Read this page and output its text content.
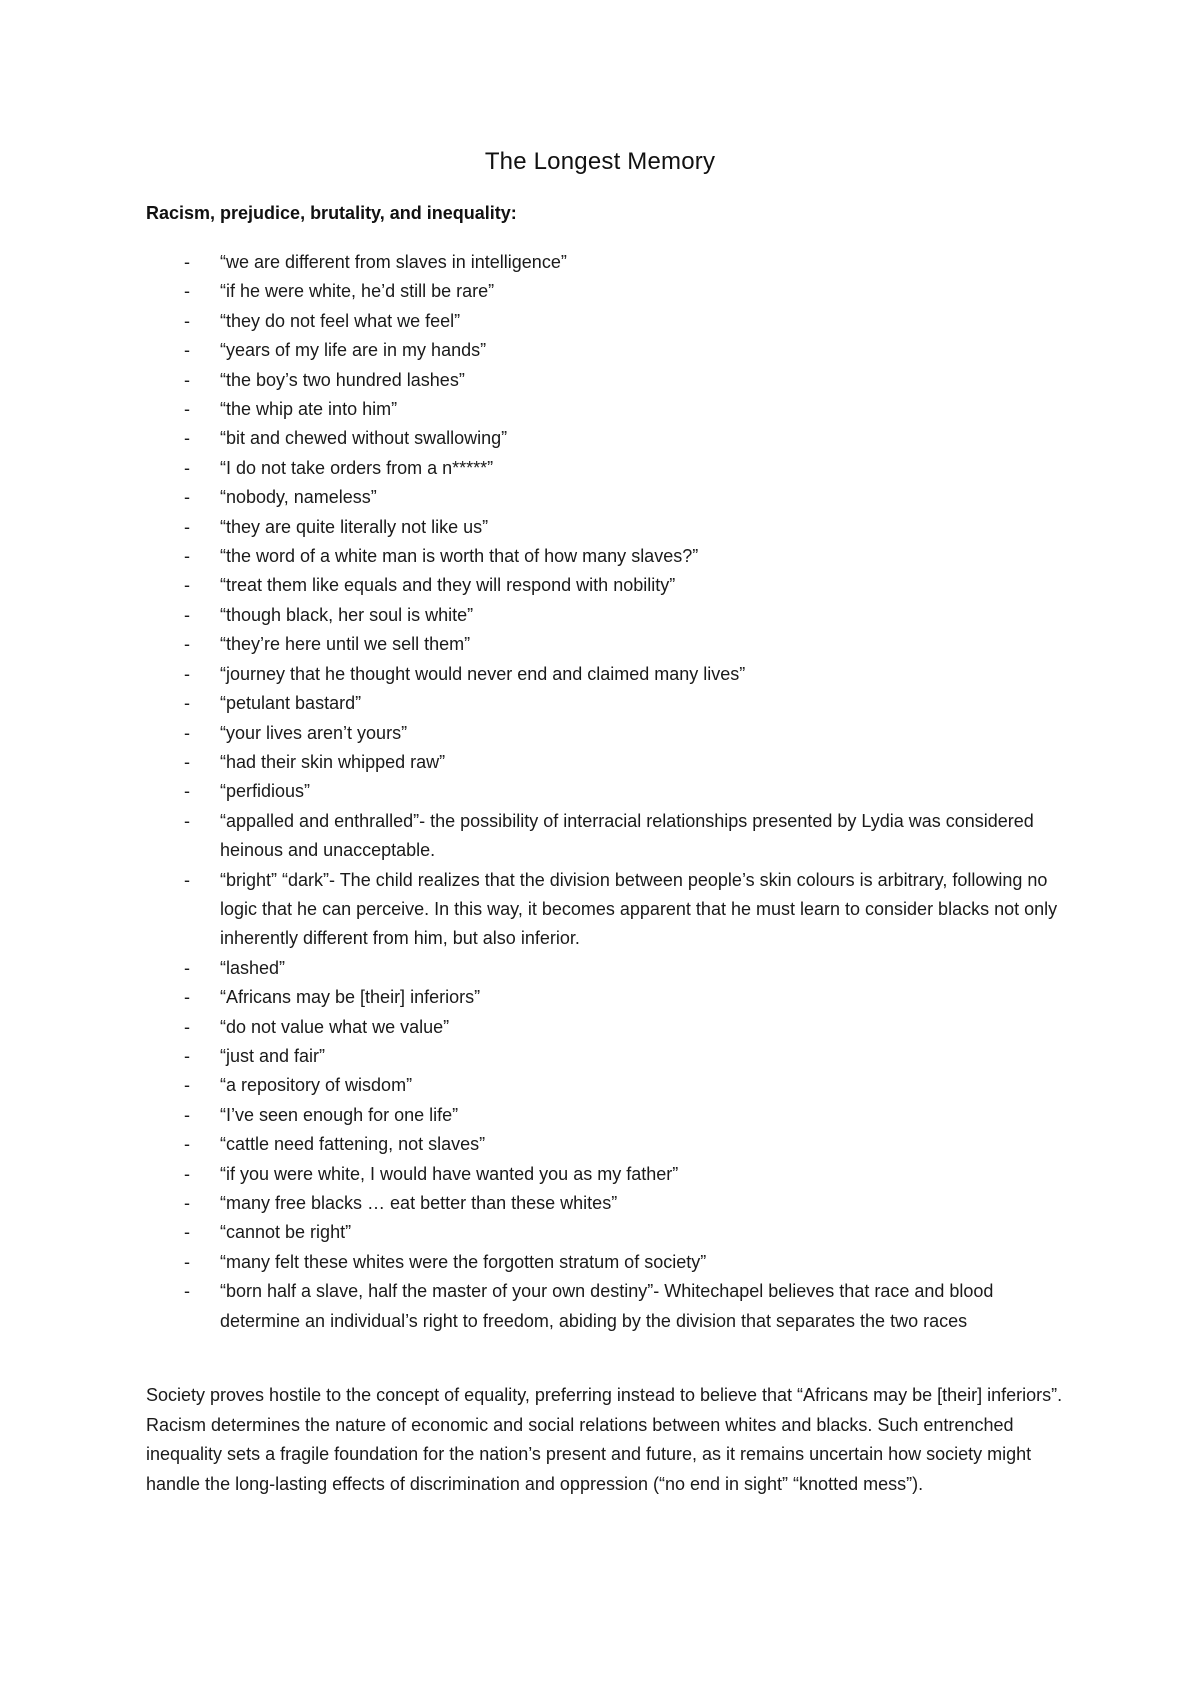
The Longest Memory
Racism, prejudice, brutality, and inequality:
- “we are different from slaves in intelligence”
- “if he were white, he’d still be rare”
- “they do not feel what we feel”
- “years of my life are in my hands”
- “the boy’s two hundred lashes”
- “the whip ate into him”
- “bit and chewed without swallowing”
- “I do not take orders from a n*****”
- “nobody, nameless”
- “they are quite literally not like us”
- “the word of a white man is worth that of how many slaves?”
- “treat them like equals and they will respond with nobility”
- “though black, her soul is white”
- “they’re here until we sell them”
- “journey that he thought would never end and claimed many lives”
- “petulant bastard”
- “your lives aren’t yours”
- “had their skin whipped raw”
- “perfidious”
- “appalled and enthralled”- the possibility of interracial relationships presented by Lydia was considered heinous and unacceptable.
- “bright” “dark”- The child realizes that the division between people’s skin colours is arbitrary, following no logic that he can perceive. In this way, it becomes apparent that he must learn to consider blacks not only inherently different from him, but also inferior.
- “lashed”
- “Africans may be [their] inferiors”
- “do not value what we value”
- “just and fair”
- “a repository of wisdom”
- “I’ve seen enough for one life”
- “cattle need fattening, not slaves”
- “if you were white, I would have wanted you as my father”
- “many free blacks … eat better than these whites”
- “cannot be right”
- “many felt these whites were the forgotten stratum of society”
- “born half a slave, half the master of your own destiny”- Whitechapel believes that race and blood determine an individual’s right to freedom, abiding by the division that separates the two races

Society proves hostile to the concept of equality, preferring instead to believe that “Africans may be [their] inferiors”. Racism determines the nature of economic and social relations between whites and blacks. Such entrenched inequality sets a fragile foundation for the nation’s present and future, as it remains uncertain how society might handle the long-lasting effects of discrimination and oppression (“no end in sight” “knotted mess”).
